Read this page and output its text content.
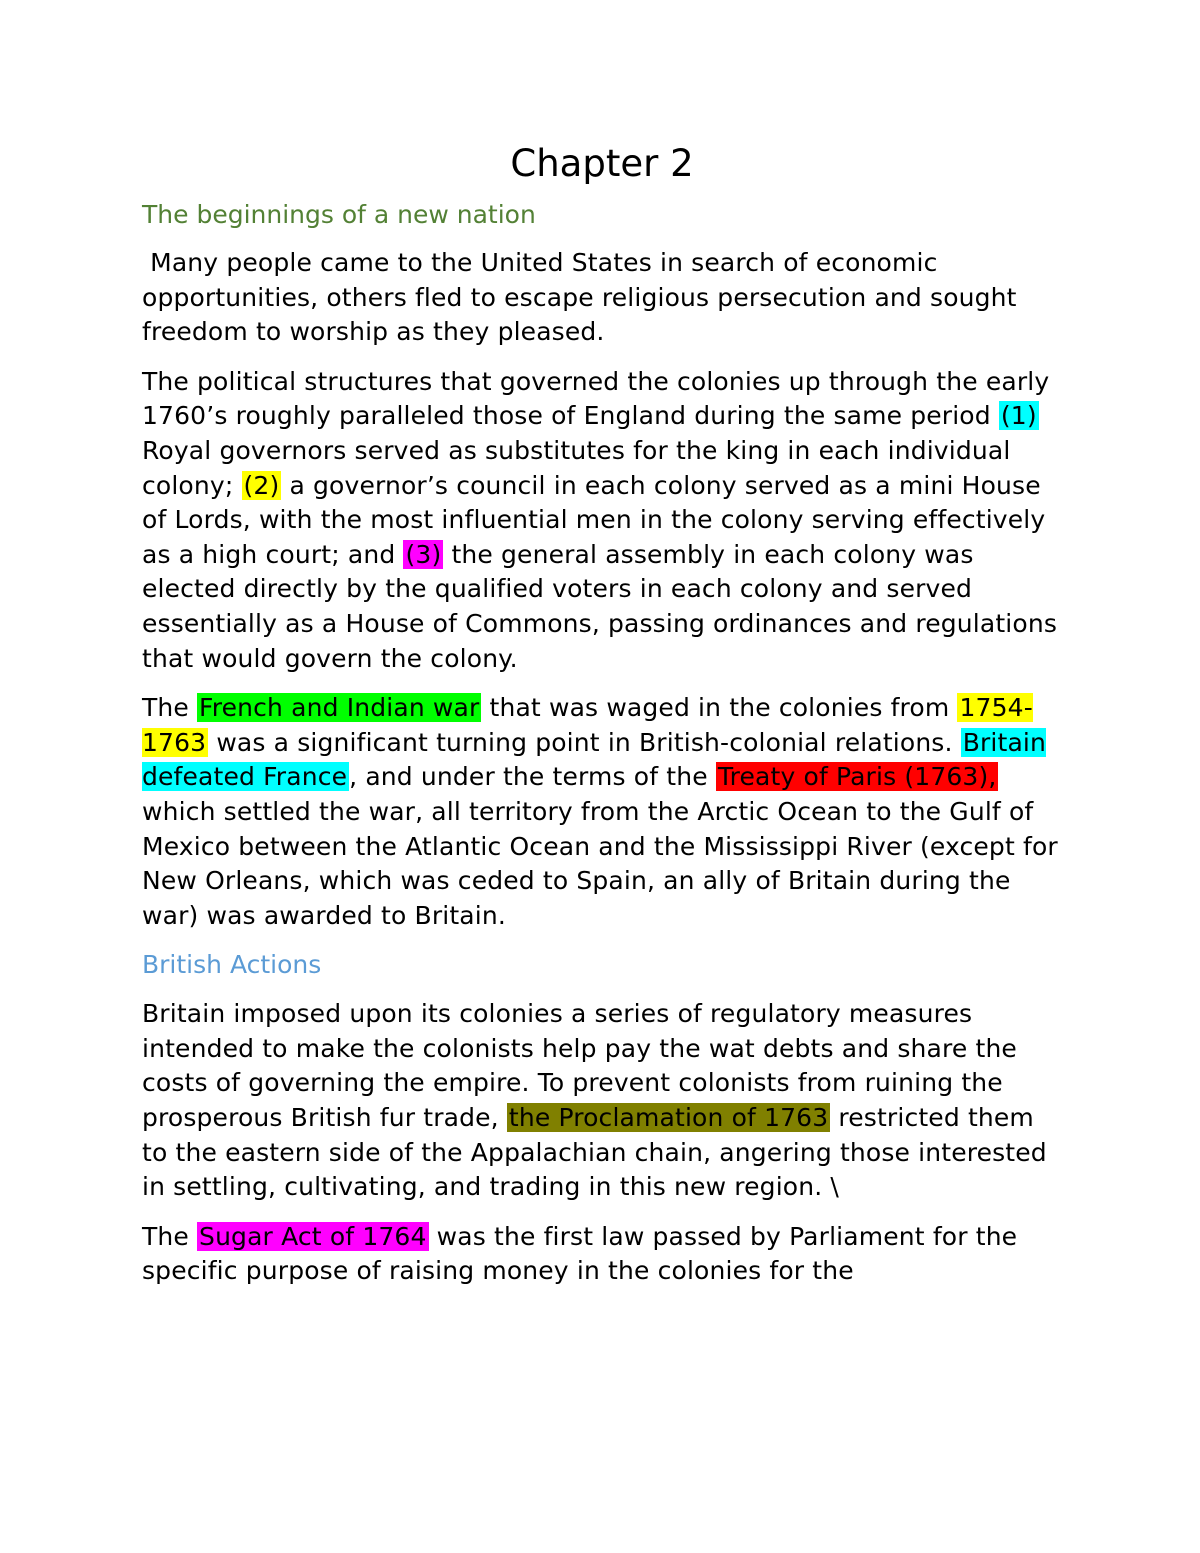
Chapter 2
The beginnings of a new nation

Many people came to the United States in search of economic opportunities, others fled to escape religious persecution and sought freedom to worship as they pleased.

The political structures that governed the colonies up through the early 1760’s roughly paralleled those of England during the same period (1) Royal governors served as substitutes for the king in each individual colony; (2) a governor’s council in each colony served as a mini House of Lords, with the most influential men in the colony serving effectively as a high court; and (3) the general assembly in each colony was elected directly by the qualified voters in each colony and served essentially as a House of Commons, passing ordinances and regulations that would govern the colony.

The French and Indian war that was waged in the colonies from 1754-1763 was a significant turning point in British-colonial relations. Britain defeated France, and under the terms of the Treaty of Paris (1763), which settled the war, all territory from the Arctic Ocean to the Gulf of Mexico between the Atlantic Ocean and the Mississippi River (except for New Orleans, which was ceded to Spain, an ally of Britain during the war) was awarded to Britain.

British Actions

Britain imposed upon its colonies a series of regulatory measures intended to make the colonists help pay the wat debts and share the costs of governing the empire. To prevent colonists from ruining the prosperous British fur trade, the Proclamation of 1763 restricted them to the eastern side of the Appalachian chain, angering those interested in settling, cultivating, and trading in this new region. \

The Sugar Act of 1764 was the first law passed by Parliament for the specific purpose of raising money in the colonies for the
